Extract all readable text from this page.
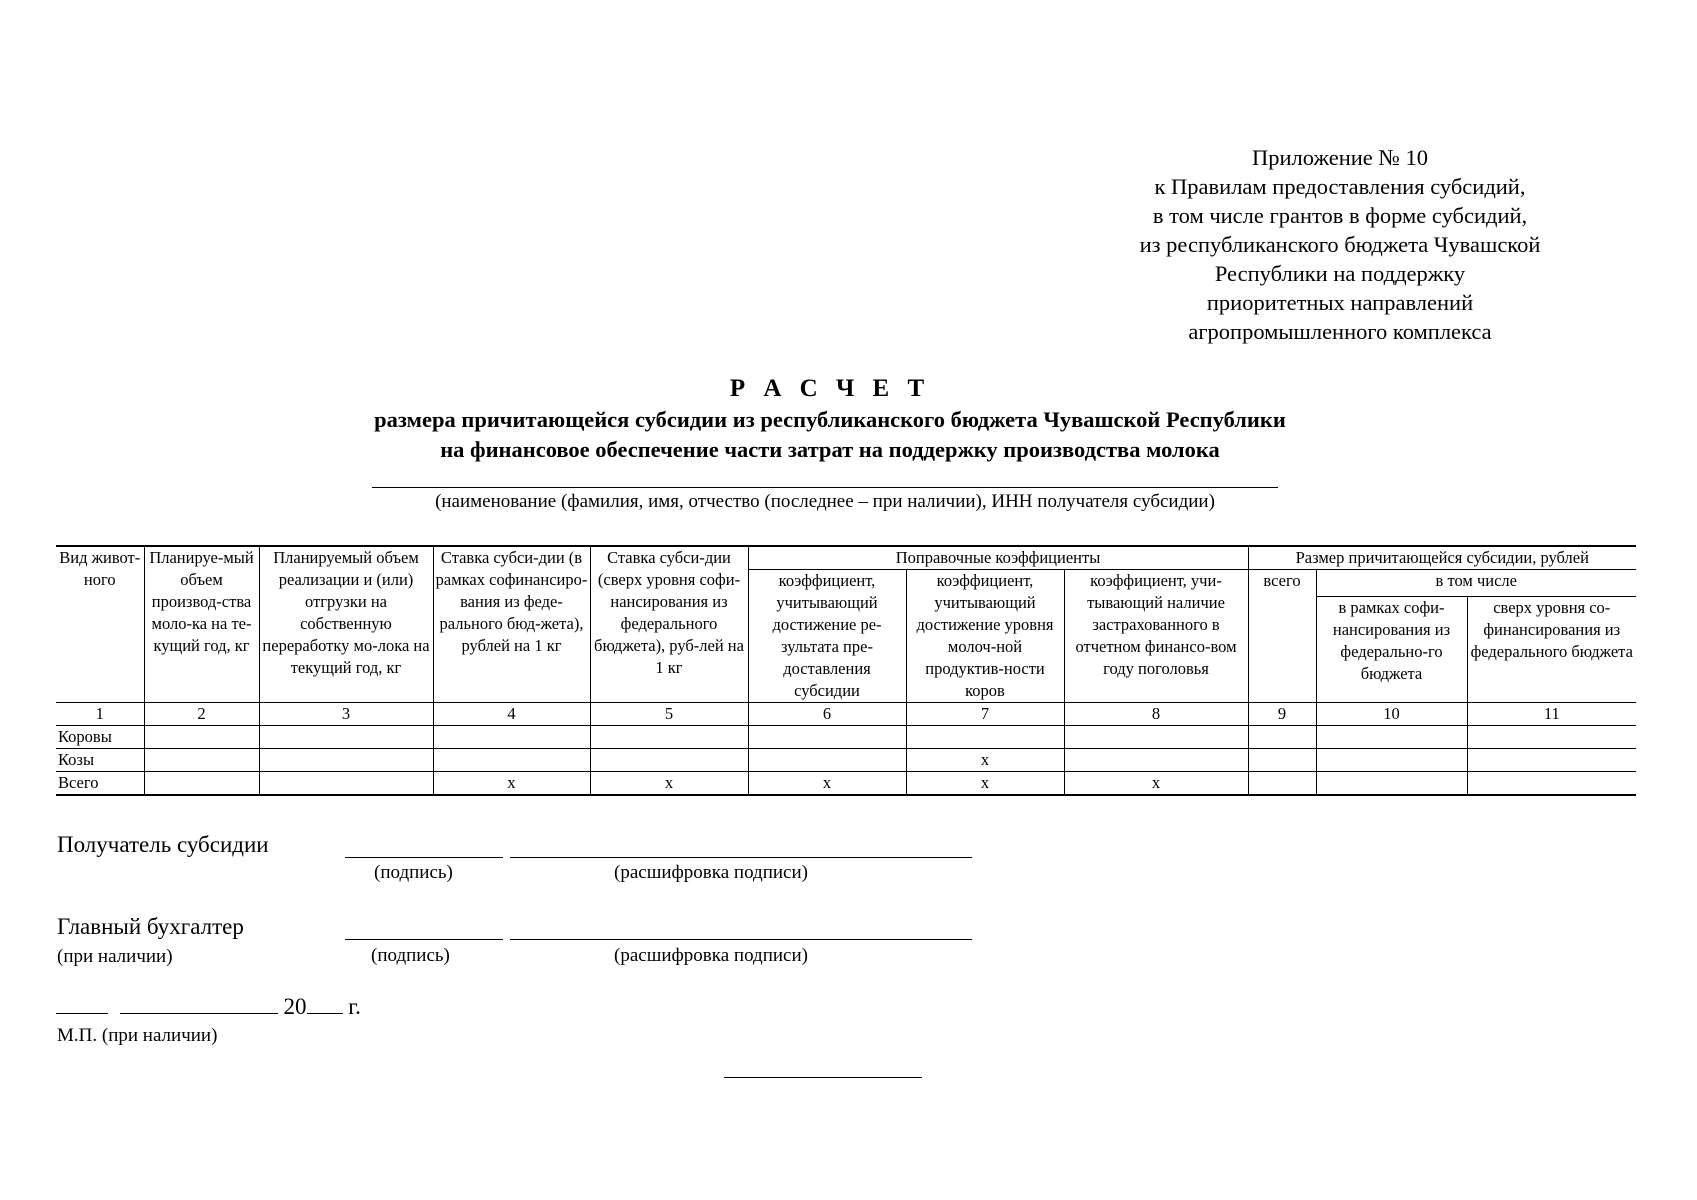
Приложение № 10
к Правилам предоставления субсидий,
в том числе грантов в форме субсидий,
из республиканского бюджета Чувашской
Республики на поддержку
приоритетных направлений
агропромышленного комплекса
Р А С Ч Е Т
размера причитающейся субсидии из республиканского бюджета Чувашской Республики
на финансовое обеспечение части затрат на поддержку производства молока
(наименование (фамилия, имя, отчество (последнее – при наличии), ИНН получателя субсидии)
Вид живот-ного	Планируе-мый объем производ-ства моло-ка на те-кущий год, кг	Планируемый объем реализации и (или) отгрузки на собственную переработку мо-лока на текущий год, кг	Ставка субси-дии (в рамках софинансиро-вания из феде-рального бюд-жета), рублей на 1 кг	Ставка субси-дии (сверх уровня софи-нансирования из федерального бюджета), руб-лей на 1 кг	Поправочные коэффициенты			Размер причитающейся субсидии, рублей		
					коэффициент, учитывающий достижение ре-зультата пре-доставления субсидии	коэффициент, учитывающий достижение уровня молоч-ной продуктив-ности коров	коэффициент, учи-тывающий наличие застрахованного в отчетном финансо-вом году поголовья	всего	в том числе	
									в рамках софи-нансирования из федерально-го бюджета	сверх уровня со-финансирования из федерального бюджета
1	2	3	4	5	6	7	8	9	10	11
Коровы										
Козы						х				
Всего			х	х	х	х	х			
Получатель субсидии
(подпись)	(расшифровка подписи)
Главный бухгалтер
(при наличии)	(подпись)	(расшифровка подписи)
20 г.
М.П. (при наличии)
